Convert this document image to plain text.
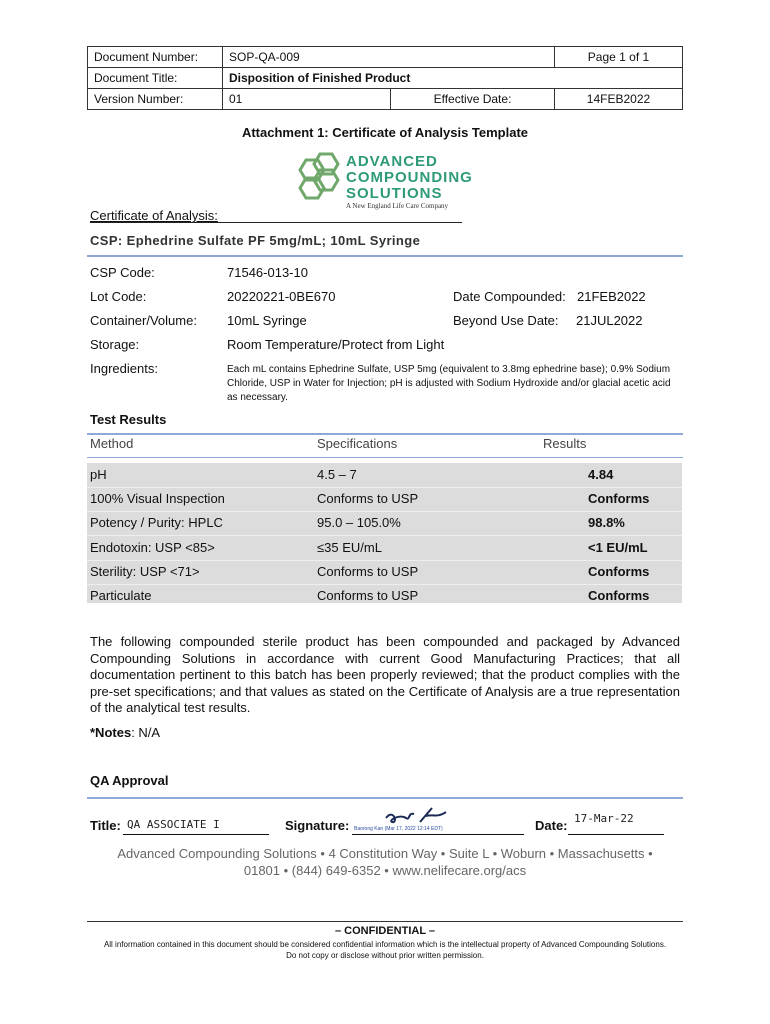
Document Number:	SOP-QA-009		Page 1 of 1
Document Title:	Disposition of Finished Product		
Version Number:	01	Effective Date:	14FEB2022
Attachment 1: Certificate of Analysis Template
ADVANCED
COMPOUNDING
SOLUTIONS
A New England Life Care Company
Certificate of Analysis:
CSP: Ephedrine Sulfate PF 5mg/mL; 10mL Syringe
CSP Code:	71546-013-10
Lot Code:	20220221-0BE670	Date Compounded: 21FEB2022
Container/Volume: 10mL Syringe	Beyond Use Date: 21JUL2022
Storage:	Room Temperature/Protect from Light
Ingredients:	Each mL contains Ephedrine Sulfate, USP 5mg (equivalent to 3.8mg ephedrine base); 0.9% Sodium Chloride, USP in Water for Injection; pH is adjusted with Sodium Hydroxide and/or glacial acetic acid as necessary.
Test Results
Method	Specifications	Results
pH	4.5 – 7	4.84
100% Visual Inspection	Conforms to USP	Conforms
Potency / Purity: HPLC	95.0 – 105.0%	98.8%
Endotoxin: USP <85>	≤35 EU/mL	<1 EU/mL
Sterility: USP <71>	Conforms to USP	Conforms
Particulate	Conforms to USP	Conforms
The following compounded sterile product has been compounded and packaged by Advanced Compounding Solutions in accordance with current Good Manufacturing Practices; that all documentation pertinent to this batch has been properly reviewed; that the product complies with the pre-set specifications; and that values as stated on the Certificate of Analysis are a true representation of the analytical test results.
*Notes: N/A
QA Approval
Title: QA ASSOCIATE I	Signature: Baorong Kan (Mar 17, 2022 12:14 EDT)	Date: 17-Mar-22
Advanced Compounding Solutions • 4 Constitution Way • Suite L • Woburn • Massachusetts •
01801 • (844) 649-6352 • www.nelifecare.org/acs
– CONFIDENTIAL –
All information contained in this document should be considered confidential information which is the intellectual property of Advanced Compounding Solutions. Do not copy or disclose without prior written permission.
